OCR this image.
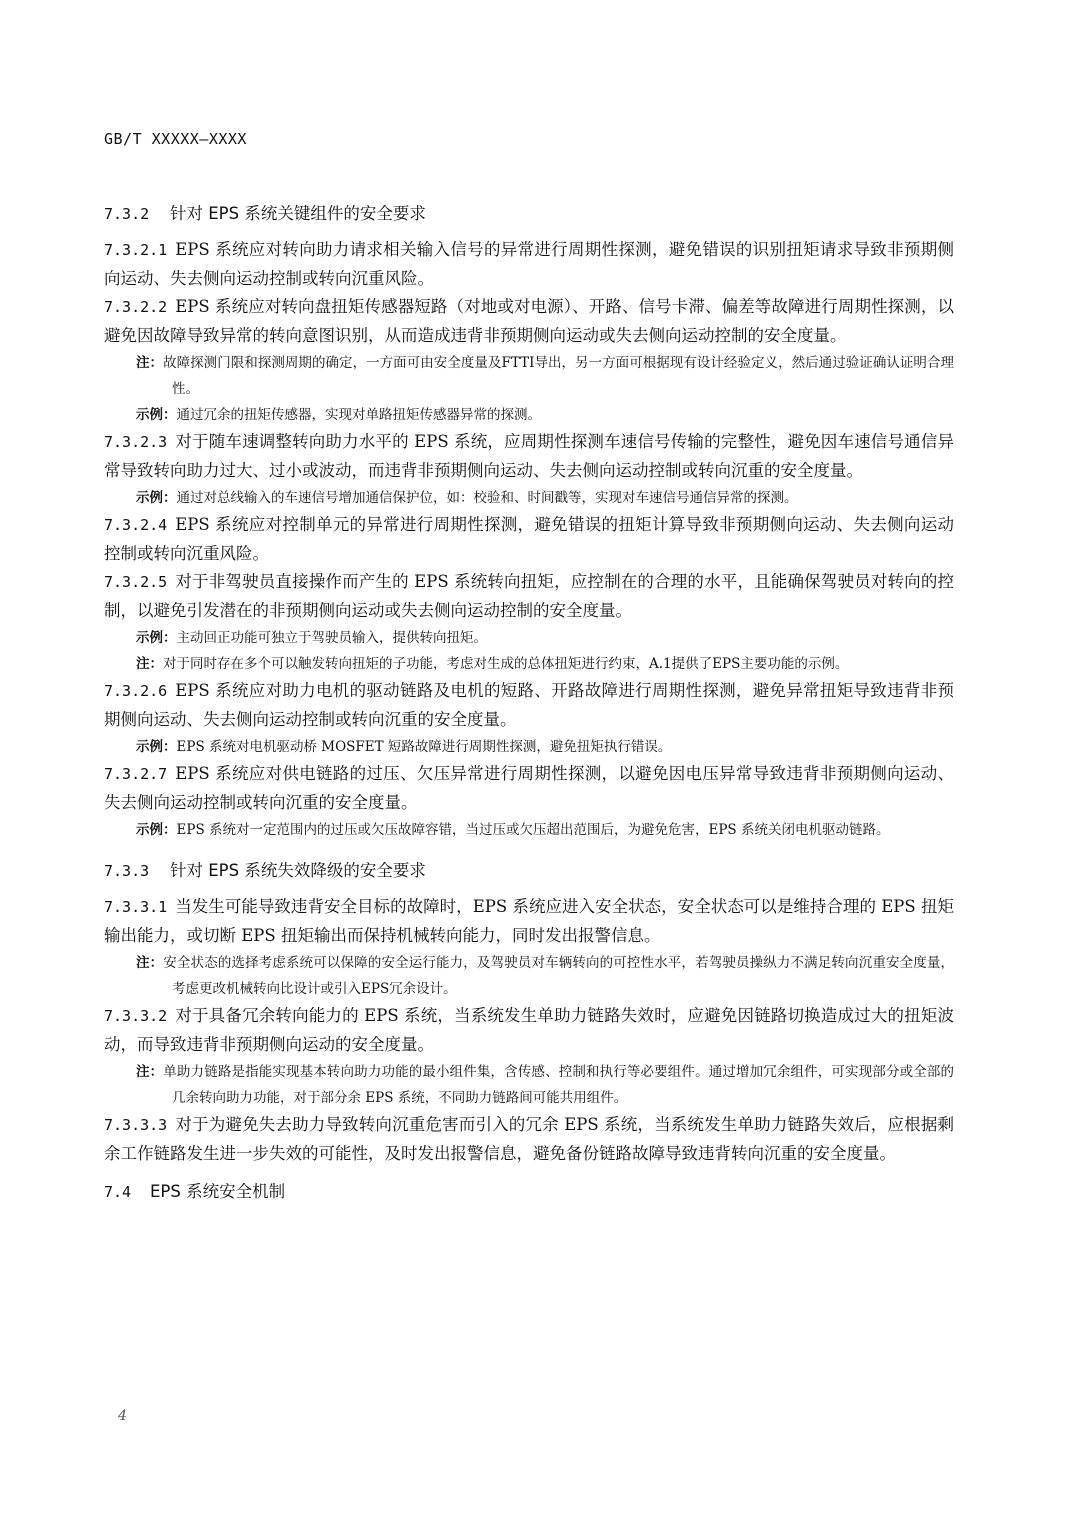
GB/T XXXXX—XXXX
7.3.2 针对 EPS 系统关键组件的安全要求

7.3.2.1 EPS 系统应对转向助力请求相关输入信号的异常进行周期性探测，避免错误的识别扭矩请求导致非预期侧向运动、失去侧向运动控制或转向沉重风险。

7.3.2.2 EPS 系统应对转向盘扭矩传感器短路（对地或对电源）、开路、信号卡滞、偏差等故障进行周期性探测，以避免因故障导致异常的转向意图识别，从而造成违背非预期侧向运动或失去侧向运动控制的安全度量。

注：故障探测门限和探测周期的确定，一方面可由安全度量及FTTI导出，另一方面可根据现有设计经验定义，然后通过验证确认证明合理性。

示例：通过冗余的扭矩传感器，实现对单路扭矩传感器异常的探测。

7.3.2.3 对于随车速调整转向助力水平的 EPS 系统，应周期性探测车速信号传输的完整性，避免因车速信号通信异常导致转向助力过大、过小或波动，而违背非预期侧向运动、失去侧向运动控制或转向沉重的安全度量。

示例：通过对总线输入的车速信号增加通信保护位，如：校验和、时间戳等，实现对车速信号通信异常的探测。

7.3.2.4 EPS 系统应对控制单元的异常进行周期性探测，避免错误的扭矩计算导致非预期侧向运动、失去侧向运动控制或转向沉重风险。

7.3.2.5 对于非驾驶员直接操作而产生的 EPS 系统转向扭矩，应控制在的合理的水平，且能确保驾驶员对转向的控制，以避免引发潜在的非预期侧向运动或失去侧向运动控制的安全度量。

示例：主动回正功能可独立于驾驶员输入，提供转向扭矩。

注：对于同时存在多个可以触发转向扭矩的子功能，考虑对生成的总体扭矩进行约束，A.1提供了EPS主要功能的示例。

7.3.2.6 EPS 系统应对助力电机的驱动链路及电机的短路、开路故障进行周期性探测，避免异常扭矩导致违背非预期侧向运动、失去侧向运动控制或转向沉重的安全度量。

示例：EPS 系统对电机驱动桥 MOSFET 短路故障进行周期性探测，避免扭矩执行错误。

7.3.2.7 EPS 系统应对供电链路的过压、欠压异常进行周期性探测，以避免因电压异常导致违背非预期侧向运动、失去侧向运动控制或转向沉重的安全度量。

示例：EPS 系统对一定范围内的过压或欠压故障容错，当过压或欠压超出范围后，为避免危害，EPS 系统关闭电机驱动链路。

7.3.3 针对 EPS 系统失效降级的安全要求

7.3.3.1 当发生可能导致违背安全目标的故障时，EPS 系统应进入安全状态，安全状态可以是维持合理的 EPS 扭矩输出能力，或切断 EPS 扭矩输出而保持机械转向能力，同时发出报警信息。

注：安全状态的选择考虑系统可以保障的安全运行能力，及驾驶员对车辆转向的可控性水平，若驾驶员操纵力不满足转向沉重安全度量，考虑更改机械转向比设计或引入EPS冗余设计。

7.3.3.2 对于具备冗余转向能力的 EPS 系统，当系统发生单助力链路失效时，应避免因链路切换造成过大的扭矩波动，而导致违背非预期侧向运动的安全度量。

注：单助力链路是指能实现基本转向助力功能的最小组件集，含传感、控制和执行等必要组件。通过增加冗余组件，可实现部分或全部的几余转向助力功能，对于部分余 EPS 系统，不同助力链路间可能共用组件。

7.3.3.3 对于为避免失去助力导致转向沉重危害而引入的冗余 EPS 系统，当系统发生单助力链路失效后，应根据剩余工作链路发生进一步失效的可能性，及时发出报警信息，避免备份链路故障导致违背转向沉重的安全度量。

7.4 EPS 系统安全机制
4
